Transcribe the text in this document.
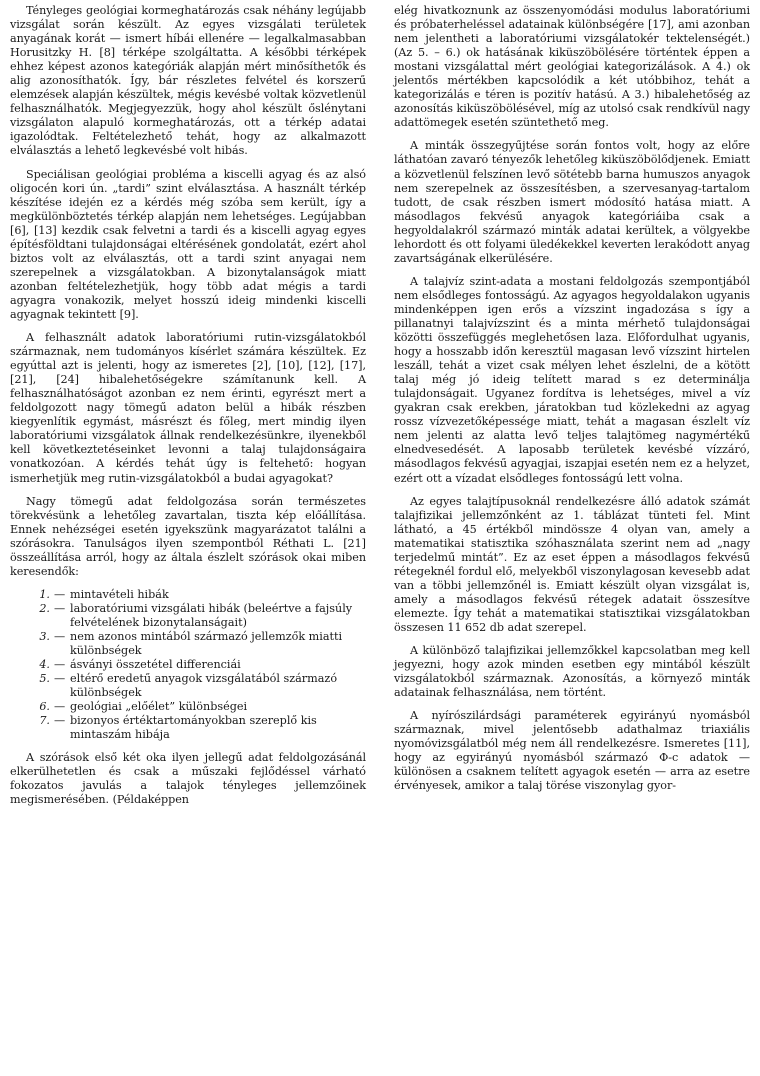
Tényleges geológiai kormeghatározás csak néhány legújabb vizsgálat során készült. Az egyes vizsgálati területek anyagának korát — ismert híbái ellenére — legalkalmasabban Horusitzky H. [8] térképe szolgáltatta. A későbbi térképek ehhez képest azonos kategóriák alapján mért minősíthetők és alig azonosíthatók. Így, bár részletes felvétel és korszerű elemzések alapján készültek, mégis kevésbé voltak közvetlenül felhasználhatók. Megjegyezzük, hogy ahol készült őslénytani vizsgálaton alapuló kormeghatározás, ott a térkép adatai igazolódtak. Feltételezhető tehát, hogy az alkalmazott elválasztás a lehető legkevésbé volt hibás.

Speciálisan geológiai probléma a kiscelli agyag és az alsó oligocén kori ún. „tardi” szint elválasztása. A használt térkép készítése idején ez a kérdés még szóba sem került, így a megkülönböztetés térkép alapján nem lehetséges. Legújabban [6], [13] kezdik csak felvetni a tardi és a kiscelli agyag egyes építésföldtani tulajdonságai eltérésének gondolatát, ezért ahol biztos volt az elválasztás, ott a tardi szint anyagai nem szerepelnek a vizsgálatokban. A bizonytalanságok miatt azonban feltételezhetjük, hogy több adat mégis a tardi agyagra vonakozik, melyet hosszú ideig mindenki kiscelli agyagnak tekintett [9].

A felhasznált adatok laboratóriumi rutin-vizsgálatokból származnak, nem tudományos kísérlet számára készültek. Ez egyúttal azt is jelenti, hogy az ismeretes [2], [10], [12], [17], [21], [24] hibalehetőségekre számítanunk kell. A felhasználhatóságot azonban ez nem érinti, egyrészt mert a feldolgozott nagy tömegű adaton belül a hibák részben kiegyenlítik egymást, másrészt és főleg, mert mindig ilyen laboratóriumi vizsgálatok állnak rendelkezésünkre, ilyenekből kell következtetéseinket levonni a talaj tulajdonságaira vonatkozóan. A kérdés tehát úgy is feltehető: hogyan ismerhetjük meg rutin-vizsgálatokból a budai agyagokat?

Nagy tömegű adat feldolgozása során természetes törekvésünk a lehetőleg zavartalan, tiszta kép előállítása. Ennek nehézségei esetén igyekszünk magyarázatot találni a szórásokra. Tanulságos ilyen szempontból Réthati L. [21] összeállítása arról, hogy az általa észlelt szórások okai miben keresendők:

1. — mintavételi hibák
2. — laboratóriumi vizsgálati hibák (beleértve a fajsúly felvételének bizonytalanságait)
3. — nem azonos mintából származó jellemzők miatti különbségek
4. — ásványi összetétel differenciái
5. — eltérő eredetű anyagok vizsgálatából származó különbségek
6. — geológiai „előélet” különbségei
7. — bizonyos értéktartományokban szereplő kis mintaszám hibája

A szórások első két oka ilyen jellegű adat feldolgozásánál elkerülhetetlen és csak a műszaki fejlődéssel várható fokozatos javulás a talajok tényleges jellemzőinek megismerésében. (Példaképpen

elég hivatkoznunk az összenyomódási modulus laboratóriumi és próbaterheléssel adatainak különbségére [17], ami azonban nem jelentheti a laboratóriumi vizsgálatokér tektelenségét.) (Az 5. – 6.) ok hatásának kiküszöbölésére történtek éppen a mostani vizsgálattal mért geológiai kategorizálások. A 4.) ok jelentős mértékben kapcsolódik a két utóbbihoz, tehát a kategorizálás e téren is pozitív hatású. A 3.) hibalehetőség az azonosítás kiküszöbölésével, míg az utolsó csak rendkívül nagy adattömegek esetén szüntethető meg.

A minták összegyűjtése során fontos volt, hogy az előre láthatóan zavaró tényezők lehetőleg kiküszöbölődjenek. Emiatt a közvetlenül felszínen levő sötétebb barna humuszos anyagok nem szerepelnek az összesítésben, a szervesanyag-tartalom tudott, de csak részben ismert módosító hatása miatt. A másodlagos fekvésű anyagok kategóriáiba csak a hegyoldalakról származó minták adatai kerültek, a völgyekbe lehordott és ott folyami üledékekkel keverten lerakódott anyag zavartságának elkerülésére.

A talajvíz szint-adata a mostani feldolgozás szempontjából nem elsődleges fontosságú. Az agyagos hegyoldalakon ugyanis mindenképpen igen erős a vízszint ingadozása s így a pillanatnyi talajvízszint és a minta mérhető tulajdonságai közötti összefüggés meglehetősen laza. Előfordulhat ugyanis, hogy a hosszabb időn keresztül magasan levő vízszint hirtelen leszáll, tehát a vizet csak mélyen lehet észlelni, de a kötött talaj még jó ideig telített marad s ez determinálja tulajdonságait. Ugyanez fordítva is lehetséges, mivel a víz gyakran csak erekben, járatokban tud közlekedni az agyag rossz vízvezetőképessége miatt, tehát a magasan észlelt víz nem jelenti az alatta levő teljes talajtömeg nagymértékű elnedvesedését. A laposabb területek kevésbé vízzáró, másodlagos fekvésű agyagjai, iszapjai esetén nem ez a helyzet, ezért ott a vízadat elsődleges fontosságú lett volna.

Az egyes talajtípusoknál rendelkezésre álló adatok számát talajfizikai jellemzőnként az 1. táblázat tünteti fel. Mint látható, a 45 értékből mindössze 4 olyan van, amely a matematikai statisztika szóhasználata szerint nem ad „nagy terjedelmű mintát”. Ez az eset éppen a másodlagos fekvésű rétegeknél fordul elő, melyekből viszonylagosan kevesebb adat van a többi jellemzőnél is. Emiatt készült olyan vizsgálat is, amely a másodlagos fekvésű rétegek adatait összesítve elemezte. Így tehát a matematikai statisztikai vizsgálatokban összesen 11 652 db adat szerepel.

A különböző talajfizikai jellemzőkkel kapcsolatban meg kell jegyezni, hogy azok minden esetben egy mintából készült vizsgálatokból származnak. Azonosítás, a környező minták adatainak felhasználása, nem történt.

A nyírószilárdsági paraméterek egyirányú nyomásból származnak, mivel jelentősebb adathalmaz triaxiális nyomóvizsgálatból még nem áll rendelkezésre. Ismeretes [11], hogy az egyirányú nyomásból származó Φ-c adatok — különösen a csaknem telített agyagok esetén — arra az esetre érvényesek, amikor a talaj törése viszonylag gyor-
